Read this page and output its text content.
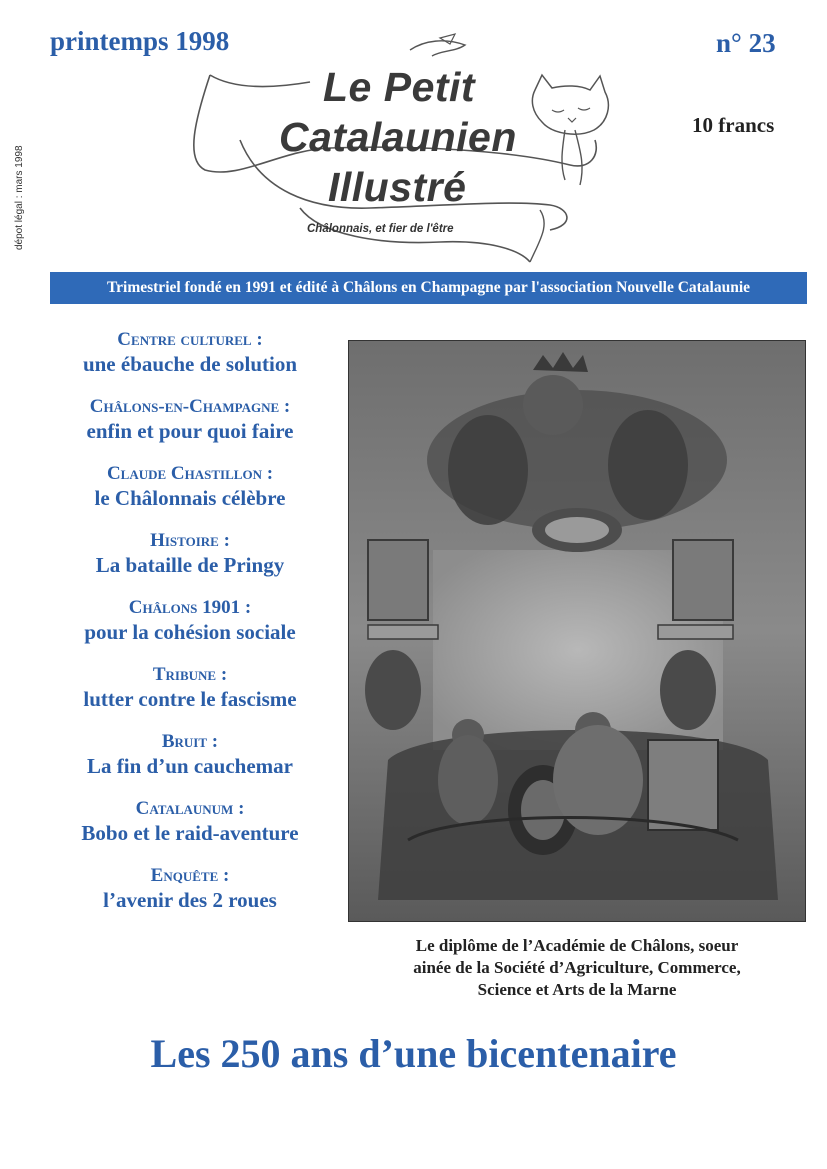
printemps 1998	n° 23
10 francs
dépot légal : mars 1998
Le Petit
Catalaunien
Illustré
Châlonnais, et fier de l'être
Trimestriel fondé en 1991 et édité à Châlons en Champagne par l'association Nouvelle Catalaunie
Centre culturel :
une ébauche de solution
Châlons-en-Champagne :
enfin et pour quoi faire
Claude Chastillon :
le Châlonnais célèbre
Histoire :
La bataille de Pringy
Châlons 1901 :
pour la cohésion sociale
Tribune :
lutter contre le fascisme
Bruit :
La fin d’un cauchemar
Catalaunum :
Bobo et le raid-aventure
Enquête :
l’avenir des 2 roues
Le diplôme de l’Académie de Châlons, soeur
ainée de la Société d’Agriculture, Commerce,
Science et Arts de la Marne
Les 250 ans d’une bicentenaire
